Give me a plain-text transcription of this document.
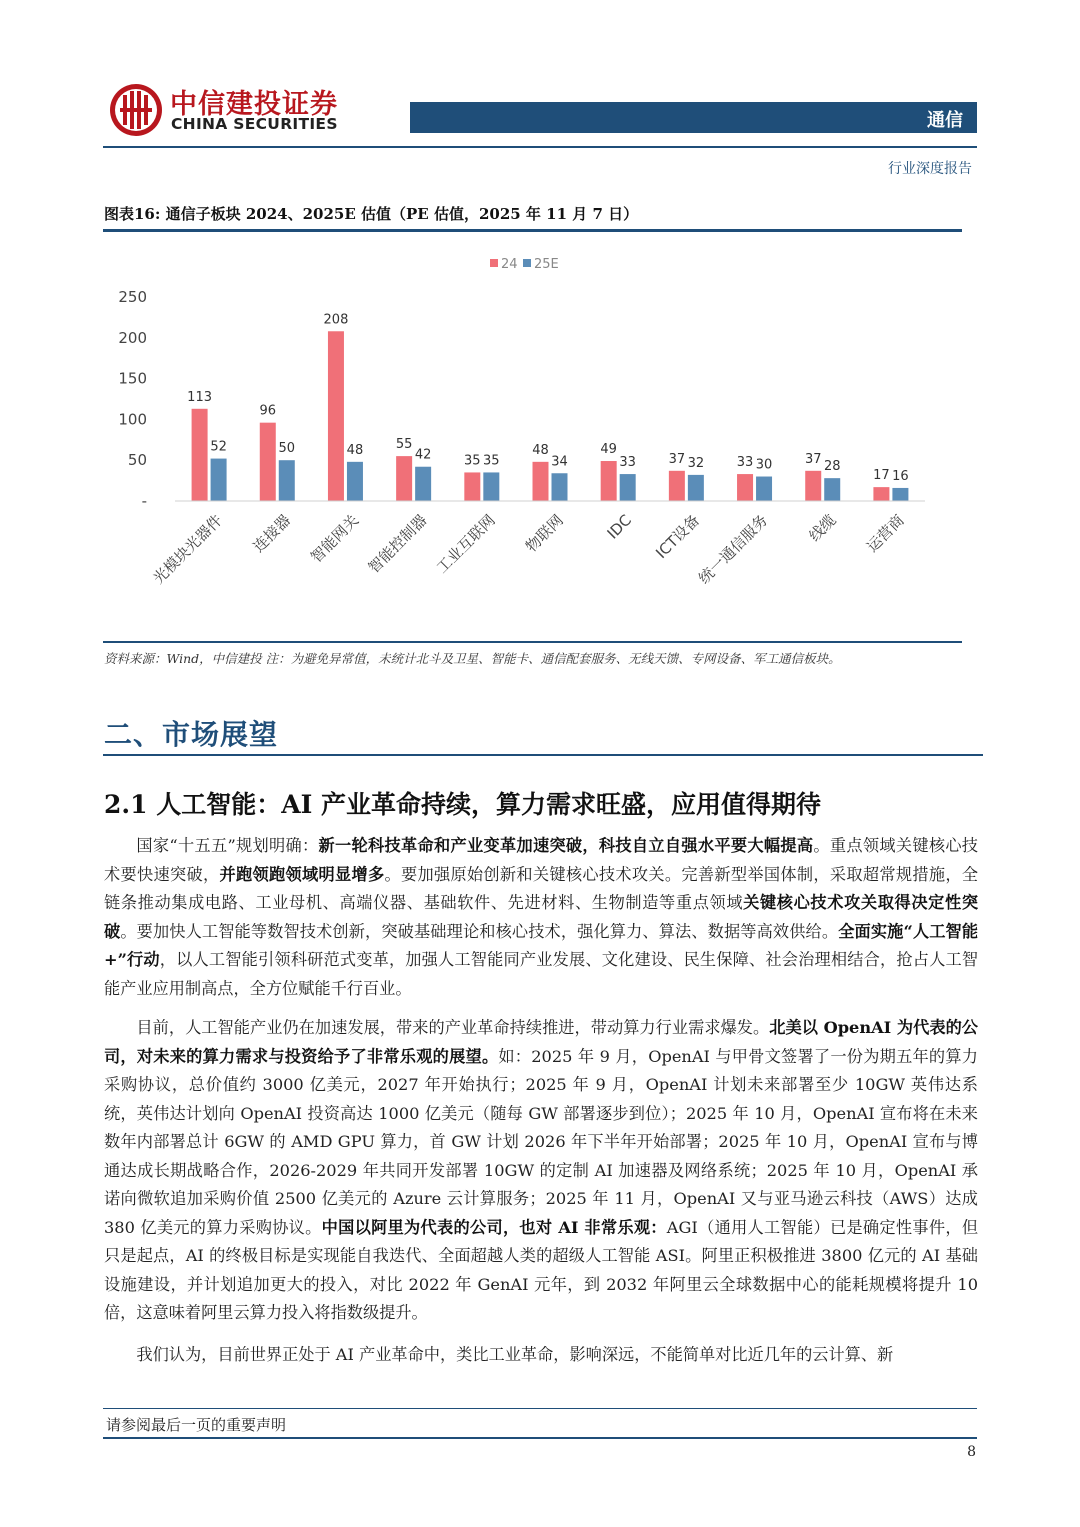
中信建投证券
CHINA SECURITIES	通信
行业深度报告
图表16: 通信子板块 2024、2025E 估值（PE 估值，2025 年 11 月 7 日）
24 25E
-
50
100
150
200
250
113
52
96
50
208
48	55
42	35 35
48
34
49
33	37 32	33 30	37 28
17 16
光模块光器件 连接器 智能网关 智能控制器 工业互联网 物联网 IDC ICT设备
统一通信服务 线缆 运营商
资料来源：Wind，中信建投 注：为避免异常值，未统计北斗及卫星、智能卡、通信配套服务、无线天馈、专网设备、军工通信板块。
二、市场展望
2.1 人工智能：AI 产业革命持续，算力需求旺盛，应用值得期待

国家“十五五”规划明确：新一轮科技革命和产业变革加速突破，科技自立自强水平要大幅提高。重点领域关键核心技术要快速突破，并跑领跑领域明显增多。要加强原始创新和关键核心技术攻关。完善新型举国体制，采取超常规措施，全链条推动集成电路、工业母机、高端仪器、基础软件、先进材料、生物制造等重点领域关键核心技术攻关取得决定性突破。要加快人工智能等数智技术创新，突破基础理论和核心技术，强化算力、算法、数据等高效供给。全面实施“人工智能+”行动，以人工智能引领科研范式变革，加强人工智能同产业发展、文化建设、民生保障、社会治理相结合，抢占人工智能产业应用制高点，全方位赋能千行百业。

目前，人工智能产业仍在加速发展，带来的产业革命持续推进，带动算力行业需求爆发。北美以 OpenAI 为代表的公司，对未来的算力需求与投资给予了非常乐观的展望。如：2025 年 9 月，OpenAI 与甲骨文签署了一份为期五年的算力采购协议，总价值约 3000 亿美元，2027 年开始执行；2025 年 9 月，OpenAI 计划未来部署至少 10GW 英伟达系统，英伟达计划向 OpenAI 投资高达 1000 亿美元（随每 GW 部署逐步到位）；2025 年 10 月，OpenAI 宣布将在未来数年内部署总计 6GW 的 AMD GPU 算力，首 GW 计划 2026 年下半年开始部署；2025 年 10 月，OpenAI 宣布与博通达成长期战略合作，2026-2029 年共同开发部署 10GW 的定制 AI 加速器及网络系统；2025 年 10 月，OpenAI 承诺向微软追加采购价值 2500 亿美元的 Azure 云计算服务；2025 年 11 月，OpenAI 又与亚马逊云科技（AWS）达成 380 亿美元的算力采购协议。中国以阿里为代表的公司，也对 AI 非常乐观：AGI（通用人工智能）已是确定性事件，但只是起点，AI 的终极目标是实现能自我迭代、全面超越人类的超级人工智能 ASI。阿里正积极推进 3800 亿元的 AI 基础设施建设，并计划追加更大的投入，对比 2022 年 GenAI 元年，到 2032 年阿里云全球数据中心的能耗规模将提升 10 倍，这意味着阿里云算力投入将指数级提升。

我们认为，目前世界正处于 AI 产业革命中，类比工业革命，影响深远，不能简单对比近几年的云计算、新

请参阅最后一页的重要声明
8
